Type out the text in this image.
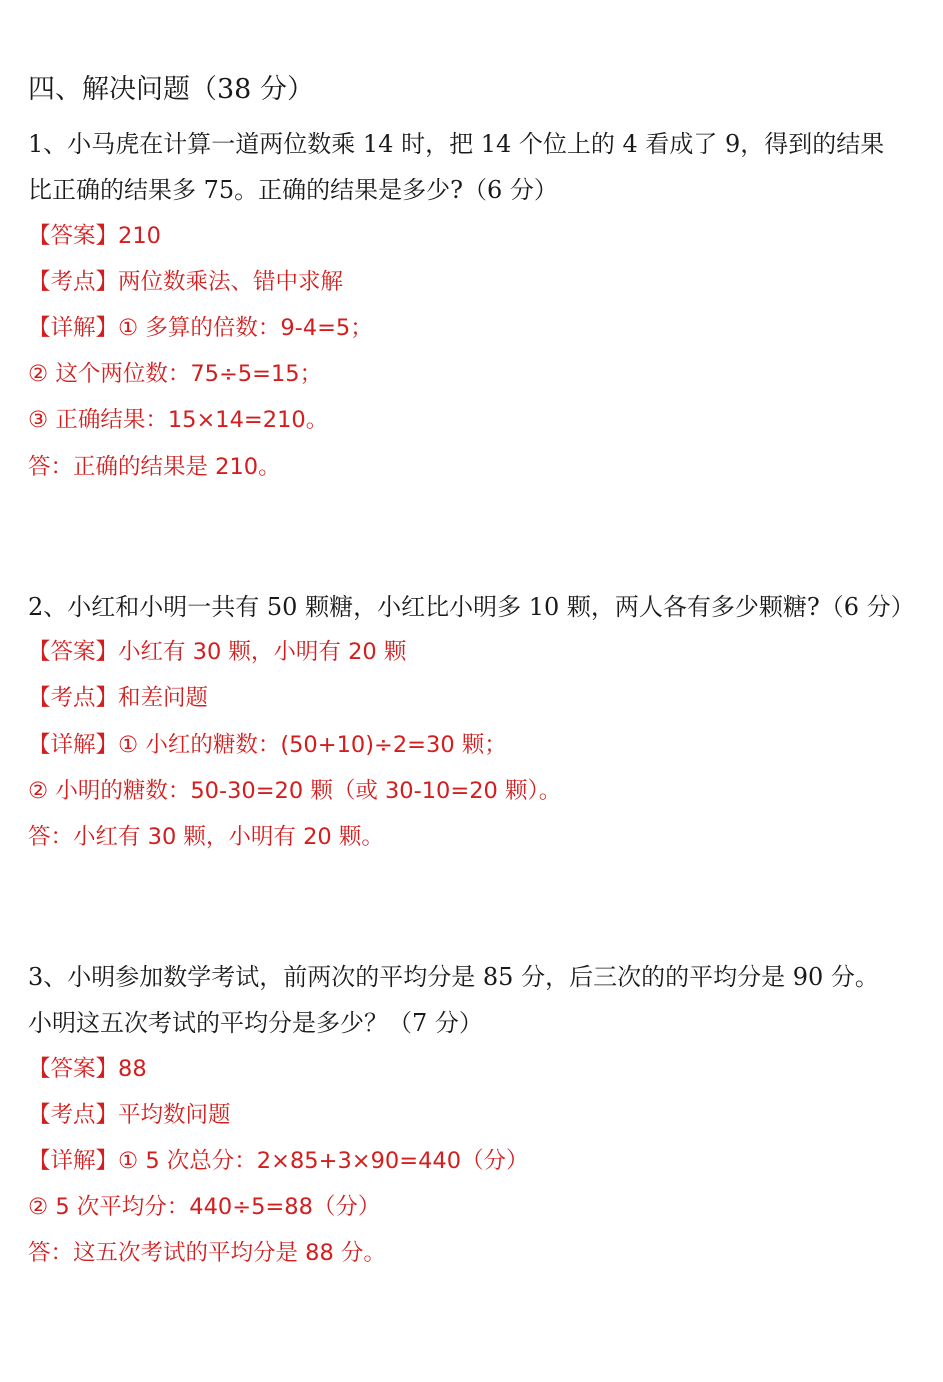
四、解决问题（38 分）
1、小马虎在计算一道两位数乘 14 时，把 14 个位上的 4 看成了 9，得到的结果
比正确的结果多 75。正确的结果是多少?（6 分）
【答案】210
【考点】两位数乘法、错中求解
【详解】① 多算的倍数：9-4=5；
② 这个两位数：75÷5=15；
③ 正确结果：15×14=210。
答：正确的结果是 210。
2、小红和小明一共有 50 颗糖，小红比小明多 10 颗，两人各有多少颗糖?（6 分）
【答案】小红有 30 颗，小明有 20 颗
【考点】和差问题
【详解】① 小红的糖数：(50+10)÷2=30 颗；
② 小明的糖数：50-30=20 颗（或 30-10=20 颗）。
答：小红有 30 颗，小明有 20 颗。
3、小明参加数学考试，前两次的平均分是 85 分，后三次的的平均分是 90 分。
小明这五次考试的平均分是多少？（7 分）
【答案】88
【考点】平均数问题
【详解】① 5 次总分：2×85+3×90=440（分）
② 5 次平均分：440÷5=88（分）
答：这五次考试的平均分是 88 分。
